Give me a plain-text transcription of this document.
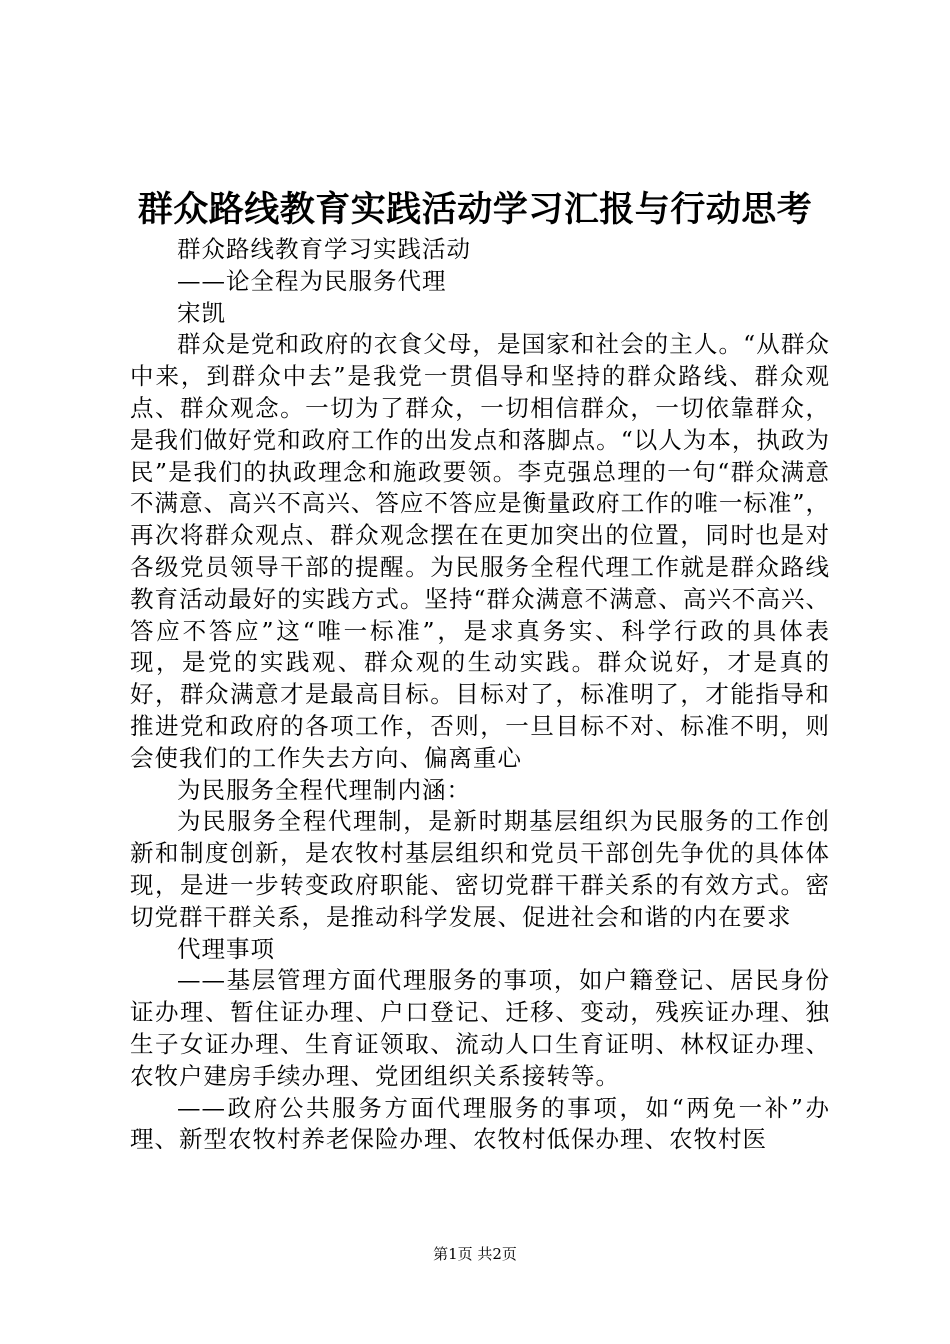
群众路线教育实践活动学习汇报与行动思考

群众路线教育学习实践活动

——论全程为民服务代理

宋凯

群众是党和政府的衣食父母，是国家和社会的主人。“从群众中来，到群众中去”是我党一贯倡导和坚持的群众路线、群众观点、群众观念。一切为了群众，一切相信群众，一切依靠群众，是我们做好党和政府工作的出发点和落脚点。“以人为本，执政为民”是我们的执政理念和施政要领。李克强总理的一句“群众满意不满意、高兴不高兴、答应不答应是衡量政府工作的唯一标准”，再次将群众观点、群众观念摆在在更加突出的位置，同时也是对各级党员领导干部的提醒。为民服务全程代理工作就是群众路线教育活动最好的实践方式。坚持“群众满意不满意、高兴不高兴、答应不答应”这“唯一标准”，是求真务实、科学行政的具体表现，是党的实践观、群众观的生动实践。群众说好，才是真的好，群众满意才是最高目标。目标对了，标准明了，才能指导和推进党和政府的各项工作，否则，一旦目标不对、标准不明，则会使我们的工作失去方向、偏离重心

为民服务全程代理制内涵：

为民服务全程代理制，是新时期基层组织为民服务的工作创新和制度创新，是农牧村基层组织和党员干部创先争优的具体体现，是进一步转变政府职能、密切党群干群关系的有效方式。密切党群干群关系，是推动科学发展、促进社会和谐的内在要求

代理事项

——基层管理方面代理服务的事项，如户籍登记、居民身份证办理、暂住证办理、户口登记、迁移、变动，残疾证办理、独生子女证办理、生育证领取、流动人口生育证明、林权证办理、农牧户建房手续办理、党团组织关系接转等。

——政府公共服务方面代理服务的事项，如“两免一补”办理、新型农牧村养老保险办理、农牧村低保办理、农牧村医

第1页 共2页
